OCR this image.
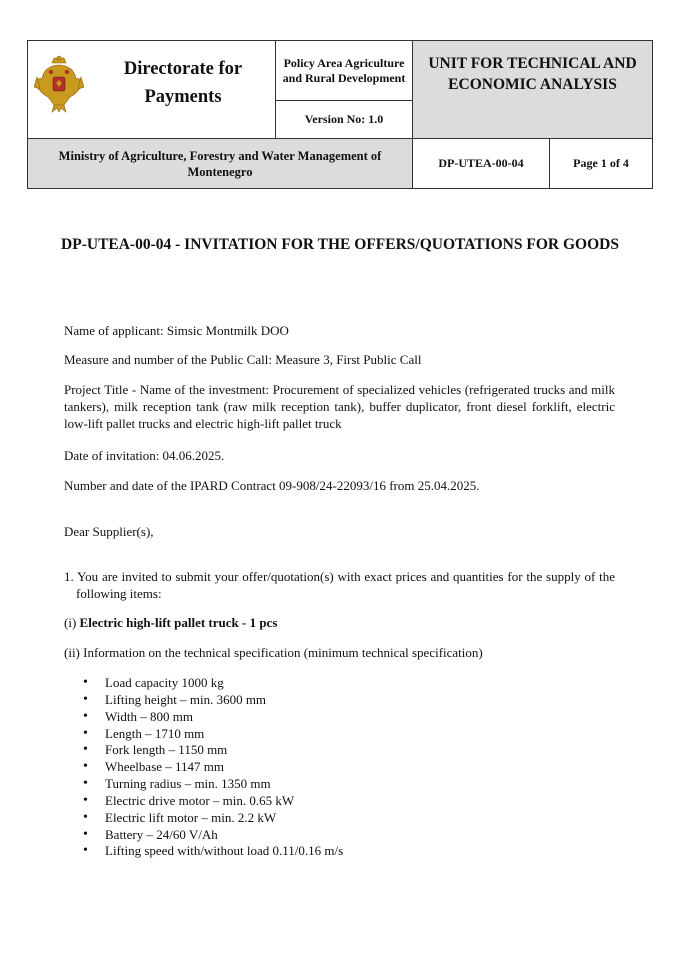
Directorate for Payments	Policy Area Agriculture and Rural Development	UNIT FOR TECHNICAL AND ECONOMIC ANALYSIS	
	Version No: 1.0		
Ministry of Agriculture, Forestry and Water Management of Montenegro		DP-UTEA-00-04	Page 1 of 4
DP-UTEA-00-04 - INVITATION FOR THE OFFERS/QUOTATIONS FOR GOODS

Name of applicant: Simsic Montmilk DOO

Measure and number of the Public Call: Measure 3, First Public Call

Project Title - Name of the investment: Procurement of specialized vehicles (refrigerated trucks and milk tankers), milk reception tank (raw milk reception tank), buffer duplicator, front diesel forklift, electric low-lift pallet trucks and electric high-lift pallet truck

Date of invitation: 04.06.2025.

Number and date of the IPARD Contract 09-908/24-22093/16 from 25.04.2025.

Dear Supplier(s),

1. You are invited to submit your offer/quotation(s) with exact prices and quantities for the supply of the following items:

(i) Electric high-lift pallet truck - 1 pcs

(ii) Information on the technical specification (minimum technical specification)

• Load capacity 1000 kg
• Lifting height – min. 3600 mm
• Width – 800 mm
• Length – 1710 mm
• Fork length – 1150 mm
• Wheelbase – 1147 mm
• Turning radius – min. 1350 mm
• Electric drive motor – min. 0.65 kW
• Electric lift motor – min. 2.2 kW
• Battery – 24/60 V/Ah
• Lifting speed with/without load 0.11/0.16 m/s
